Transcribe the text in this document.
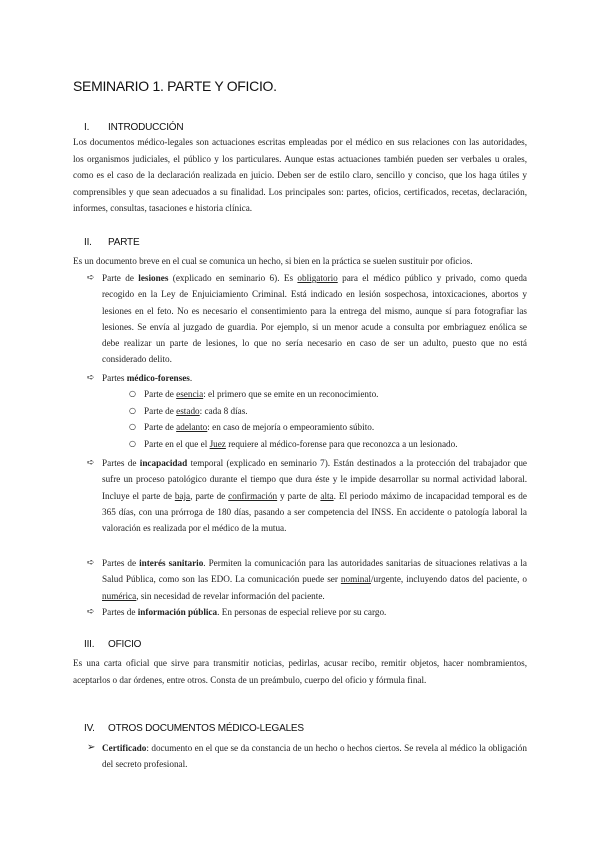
SEMINARIO 1. PARTE Y OFICIO.
I. INTRODUCCIÓN
Los documentos médico-legales son actuaciones escritas empleadas por el médico en sus relaciones con las autoridades, los organismos judiciales, el público y los particulares. Aunque estas actuaciones también pueden ser verbales u orales, como es el caso de la declaración realizada en juicio. Deben ser de estilo claro, sencillo y conciso, que los haga útiles y comprensibles y que sean adecuados a su finalidad. Los principales son: partes, oficios, certificados, recetas, declaración, informes, consultas, tasaciones e historia clínica.
II. PARTE
Es un documento breve en el cual se comunica un hecho, si bien en la práctica se suelen sustituir por oficios.
➪ Parte de lesiones (explicado en seminario 6). Es obligatorio para el médico público y privado, como queda recogido en la Ley de Enjuiciamiento Criminal. Está indicado en lesión sospechosa, intoxicaciones, abortos y lesiones en el feto. No es necesario el consentimiento para la entrega del mismo, aunque sí para fotografiar las lesiones. Se envía al juzgado de guardia. Por ejemplo, si un menor acude a consulta por embriaguez enólica se debe realizar un parte de lesiones, lo que no sería necesario en caso de ser un adulto, puesto que no está considerado delito.
➪ Partes médico-forenses.
○ Parte de esencia: el primero que se emite en un reconocimiento.
○ Parte de estado: cada 8 días.
○ Parte de adelanto: en caso de mejoría o empeoramiento súbito.
○ Parte en el que el Juez requiere al médico-forense para que reconozca a un lesionado.
➪ Partes de incapacidad temporal (explicado en seminario 7). Están destinados a la protección del trabajador que sufre un proceso patológico durante el tiempo que dura éste y le impide desarrollar su normal actividad laboral. Incluye el parte de baja, parte de confirmación y parte de alta. El periodo máximo de incapacidad temporal es de 365 días, con una prórroga de 180 días, pasando a ser competencia del INSS. En accidente o patología laboral la valoración es realizada por el médico de la mutua.
➪ Partes de interés sanitario. Permiten la comunicación para las autoridades sanitarias de situaciones relativas a la Salud Pública, como son las EDO. La comunicación puede ser nominal/urgente, incluyendo datos del paciente, o numérica, sin necesidad de revelar información del paciente.
➪ Partes de información pública. En personas de especial relieve por su cargo.
III. OFICIO
Es una carta oficial que sirve para transmitir noticias, pedirlas, acusar recibo, remitir objetos, hacer nombramientos, aceptarlos o dar órdenes, entre otros. Consta de un preámbulo, cuerpo del oficio y fórmula final.
IV. OTROS DOCUMENTOS MÉDICO-LEGALES
➢ Certificado: documento en el que se da constancia de un hecho o hechos ciertos. Se revela al médico la obligación del secreto profesional.
